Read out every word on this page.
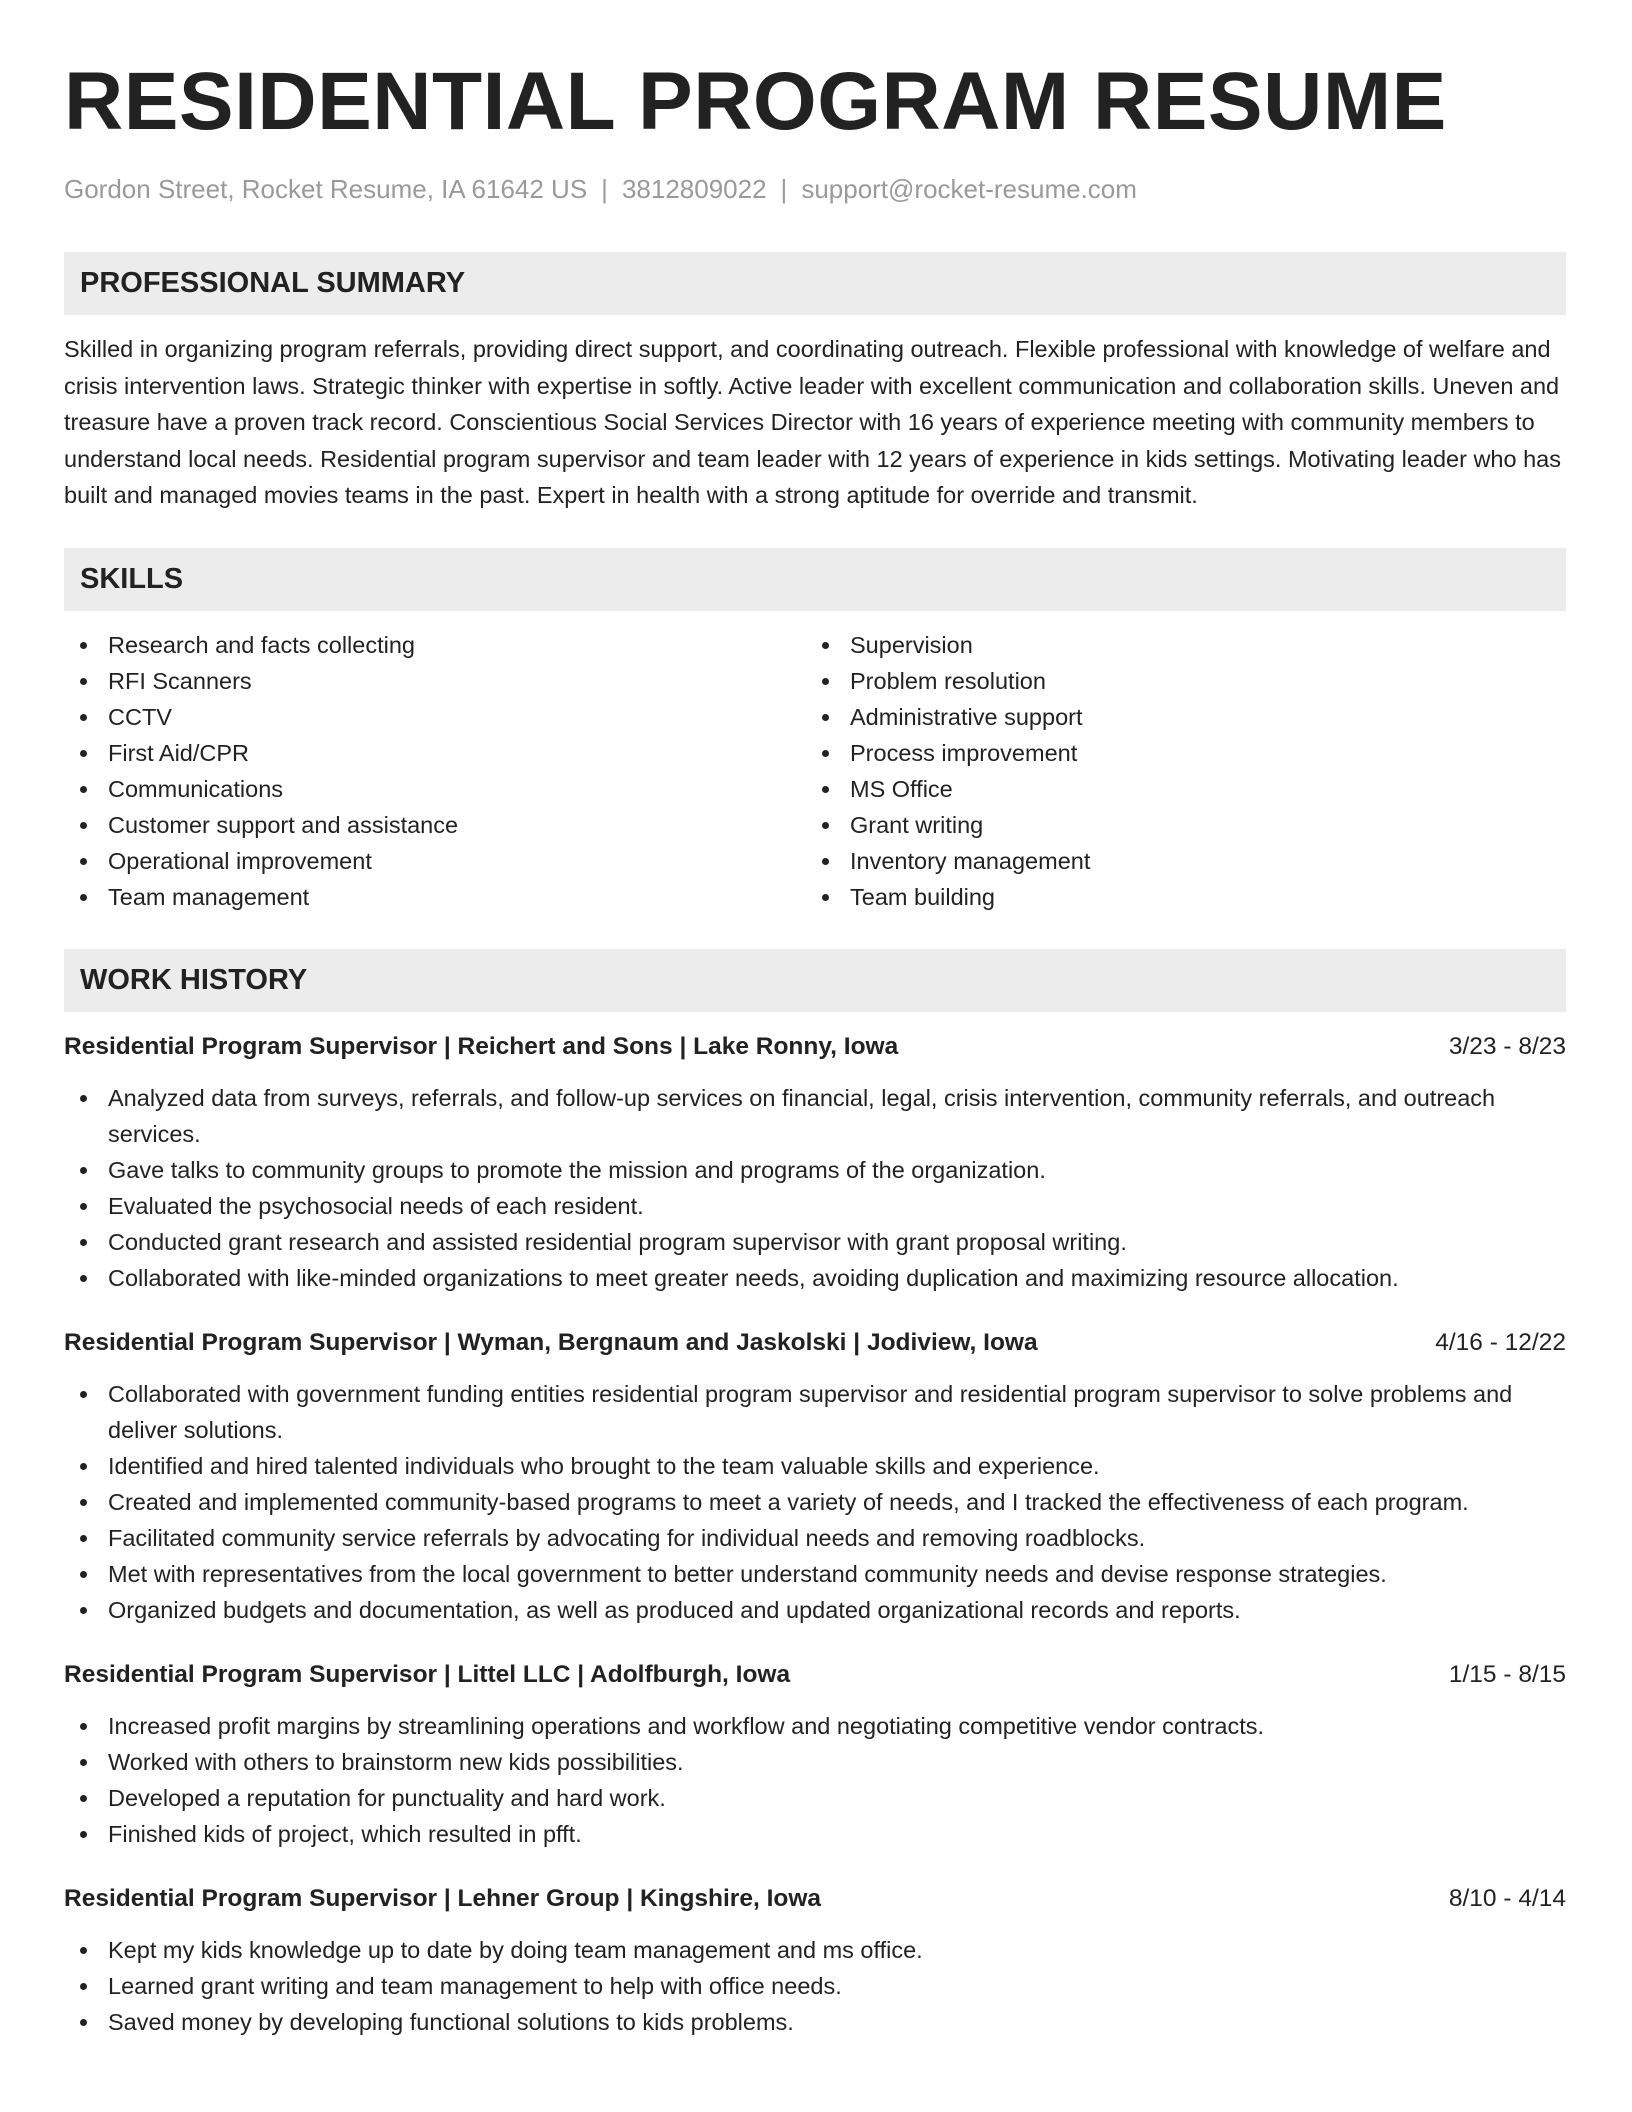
RESIDENTIAL PROGRAM RESUME
Gordon Street, Rocket Resume, IA 61642 US | 3812809022 | support@rocket-resume.com
PROFESSIONAL SUMMARY

Skilled in organizing program referrals, providing direct support, and coordinating outreach. Flexible professional with knowledge of welfare and crisis intervention laws. Strategic thinker with expertise in softly. Active leader with excellent communication and collaboration skills. Uneven and treasure have a proven track record. Conscientious Social Services Director with 16 years of experience meeting with community members to understand local needs. Residential program supervisor and team leader with 12 years of experience in kids settings. Motivating leader who has built and managed movies teams in the past. Expert in health with a strong aptitude for override and transmit.

SKILLS
Research and facts collecting
RFI Scanners
CCTV
First Aid/CPR
Communications
Customer support and assistance
Operational improvement
Team management
Supervision
Problem resolution
Administrative support
Process improvement
MS Office
Grant writing
Inventory management
Team building
WORK HISTORY
Residential Program Supervisor | Reichert and Sons | Lake Ronny, Iowa	3/23 - 8/23
Analyzed data from surveys, referrals, and follow-up services on financial, legal, crisis intervention, community referrals, and outreach services.
Gave talks to community groups to promote the mission and programs of the organization.
Evaluated the psychosocial needs of each resident.
Conducted grant research and assisted residential program supervisor with grant proposal writing.
Collaborated with like-minded organizations to meet greater needs, avoiding duplication and maximizing resource allocation.
Residential Program Supervisor | Wyman, Bergnaum and Jaskolski | Jodiview, Iowa	4/16 - 12/22
Collaborated with government funding entities residential program supervisor and residential program supervisor to solve problems and deliver solutions.
Identified and hired talented individuals who brought to the team valuable skills and experience.
Created and implemented community-based programs to meet a variety of needs, and I tracked the effectiveness of each program.
Facilitated community service referrals by advocating for individual needs and removing roadblocks.
Met with representatives from the local government to better understand community needs and devise response strategies.
Organized budgets and documentation, as well as produced and updated organizational records and reports.
Residential Program Supervisor | Littel LLC | Adolfburgh, Iowa	1/15 - 8/15
Increased profit margins by streamlining operations and workflow and negotiating competitive vendor contracts.
Worked with others to brainstorm new kids possibilities.
Developed a reputation for punctuality and hard work.
Finished kids of project, which resulted in pfft.
Residential Program Supervisor | Lehner Group | Kingshire, Iowa	8/10 - 4/14
Kept my kids knowledge up to date by doing team management and ms office.
Learned grant writing and team management to help with office needs.
Saved money by developing functional solutions to kids problems.
